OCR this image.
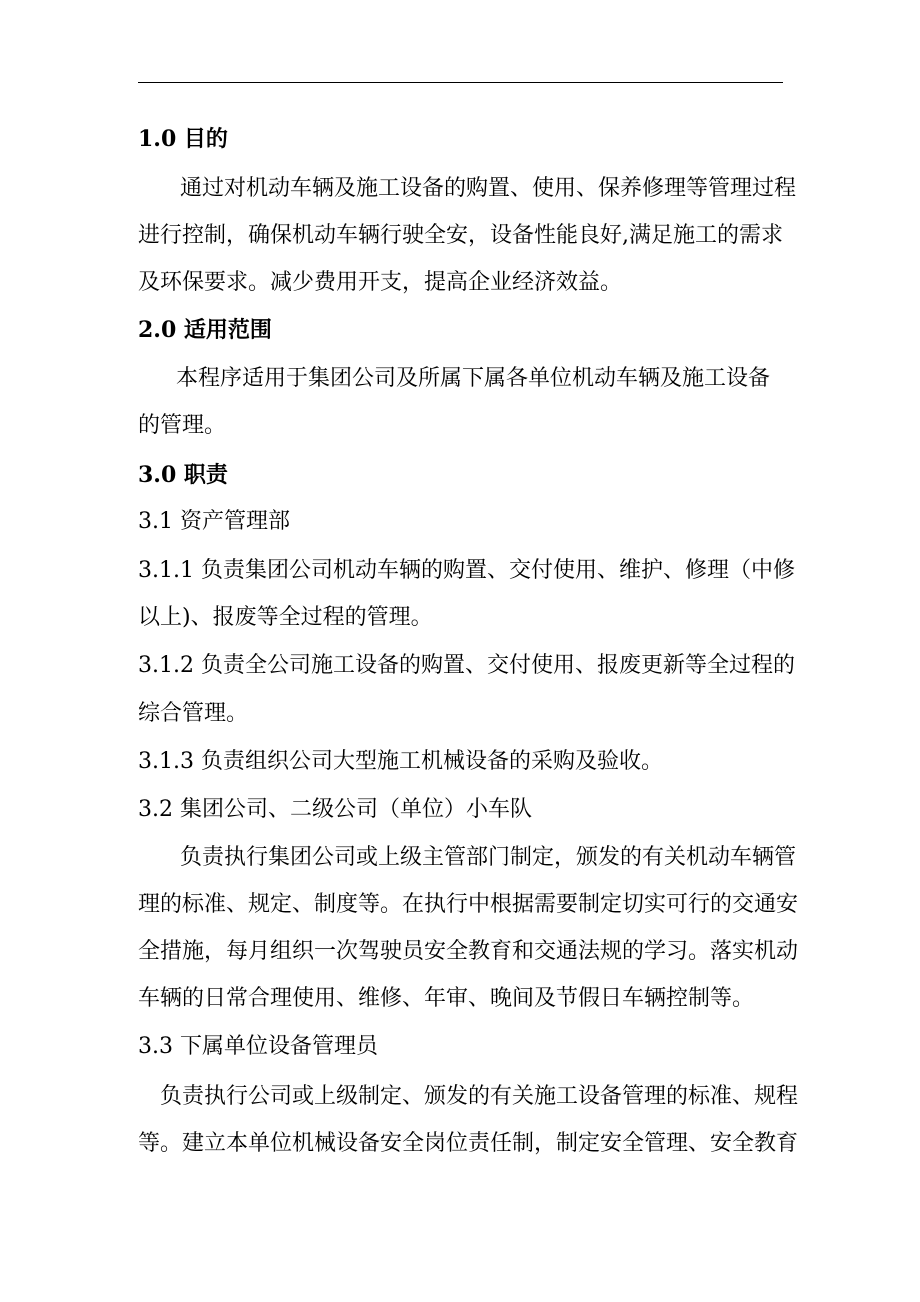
1.0 目的
通过对机动车辆及施工设备的购置、使用、保养修理等管理过程
进行控制，确保机动车辆行驶全安，设备性能良好,满足施工的需求
及环保要求。减少费用开支，提高企业经济效益。
2.0 适用范围
本程序适用于集团公司及所属下属各单位机动车辆及施工设备
的管理。
3.0 职责
3.1 资产管理部
3.1.1 负责集团公司机动车辆的购置、交付使用、维护、修理（中修
以上)、报废等全过程的管理。
3.1.2 负责全公司施工设备的购置、交付使用、报废更新等全过程的
综合管理。
3.1.3 负责组织公司大型施工机械设备的采购及验收。
3.2 集团公司、二级公司（单位）小车队
负责执行集团公司或上级主管部门制定，颁发的有关机动车辆管
理的标准、规定、制度等。在执行中根据需要制定切实可行的交通安
全措施，每月组织一次驾驶员安全教育和交通法规的学习。落实机动
车辆的日常合理使用、维修、年审、晚间及节假日车辆控制等。
3.3 下属单位设备管理员
负责执行公司或上级制定、颁发的有关施工设备管理的标准、规程
等。建立本单位机械设备安全岗位责任制，制定安全管理、安全教育
